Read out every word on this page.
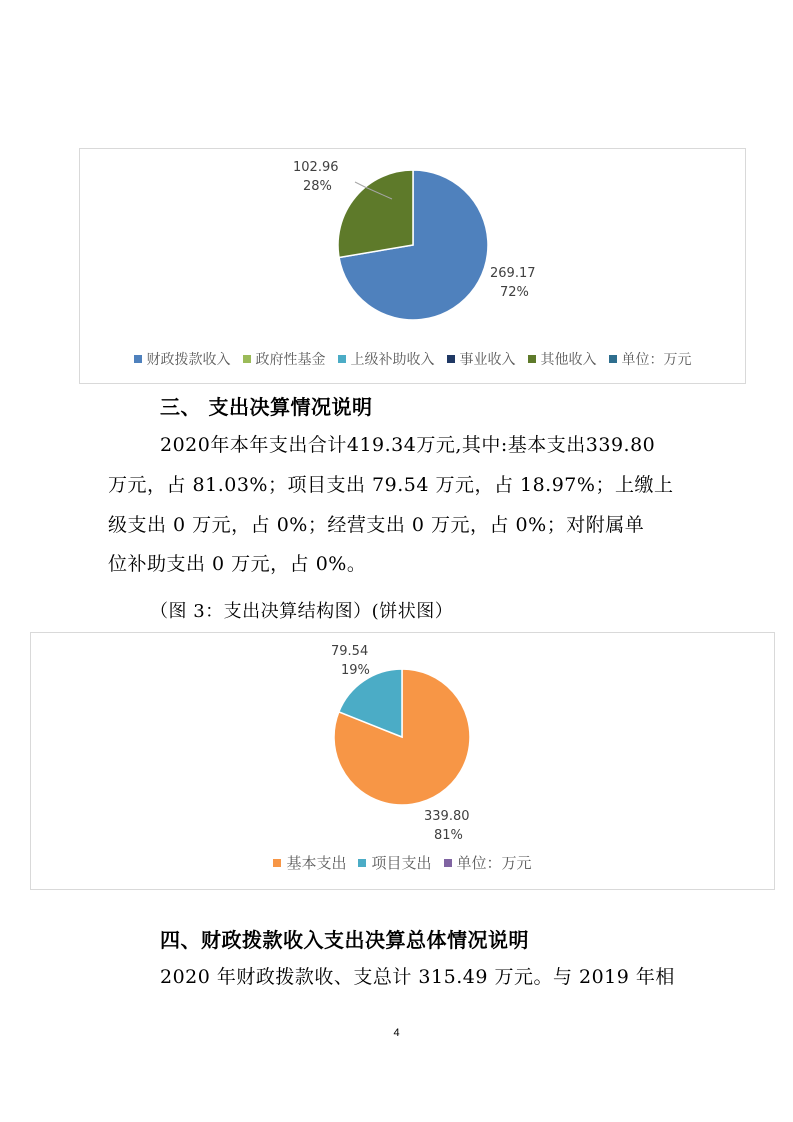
269.17
72%
102.96
28%
财政拨款收入 政府性基金 上级补助收入 事业收入 其他收入 单位：万元
三、 支出决算情况说明
2020年本年支出合计419.34万元,其中:基本支出339.80
万元，占 81.03%；项目支出 79.54 万元，占 18.97%；上缴上
级支出 0 万元，占 0%；经营支出 0 万元，占 0%；对附属单
位补助支出 0 万元，占 0%。
（图 3：支出决算结构图）(饼状图）
339.80
81%
79.54
19%
基本支出 项目支出 单位：万元
四、财政拨款收入支出决算总体情况说明
2020 年财政拨款收、支总计 315.49 万元。与 2019 年相
4
